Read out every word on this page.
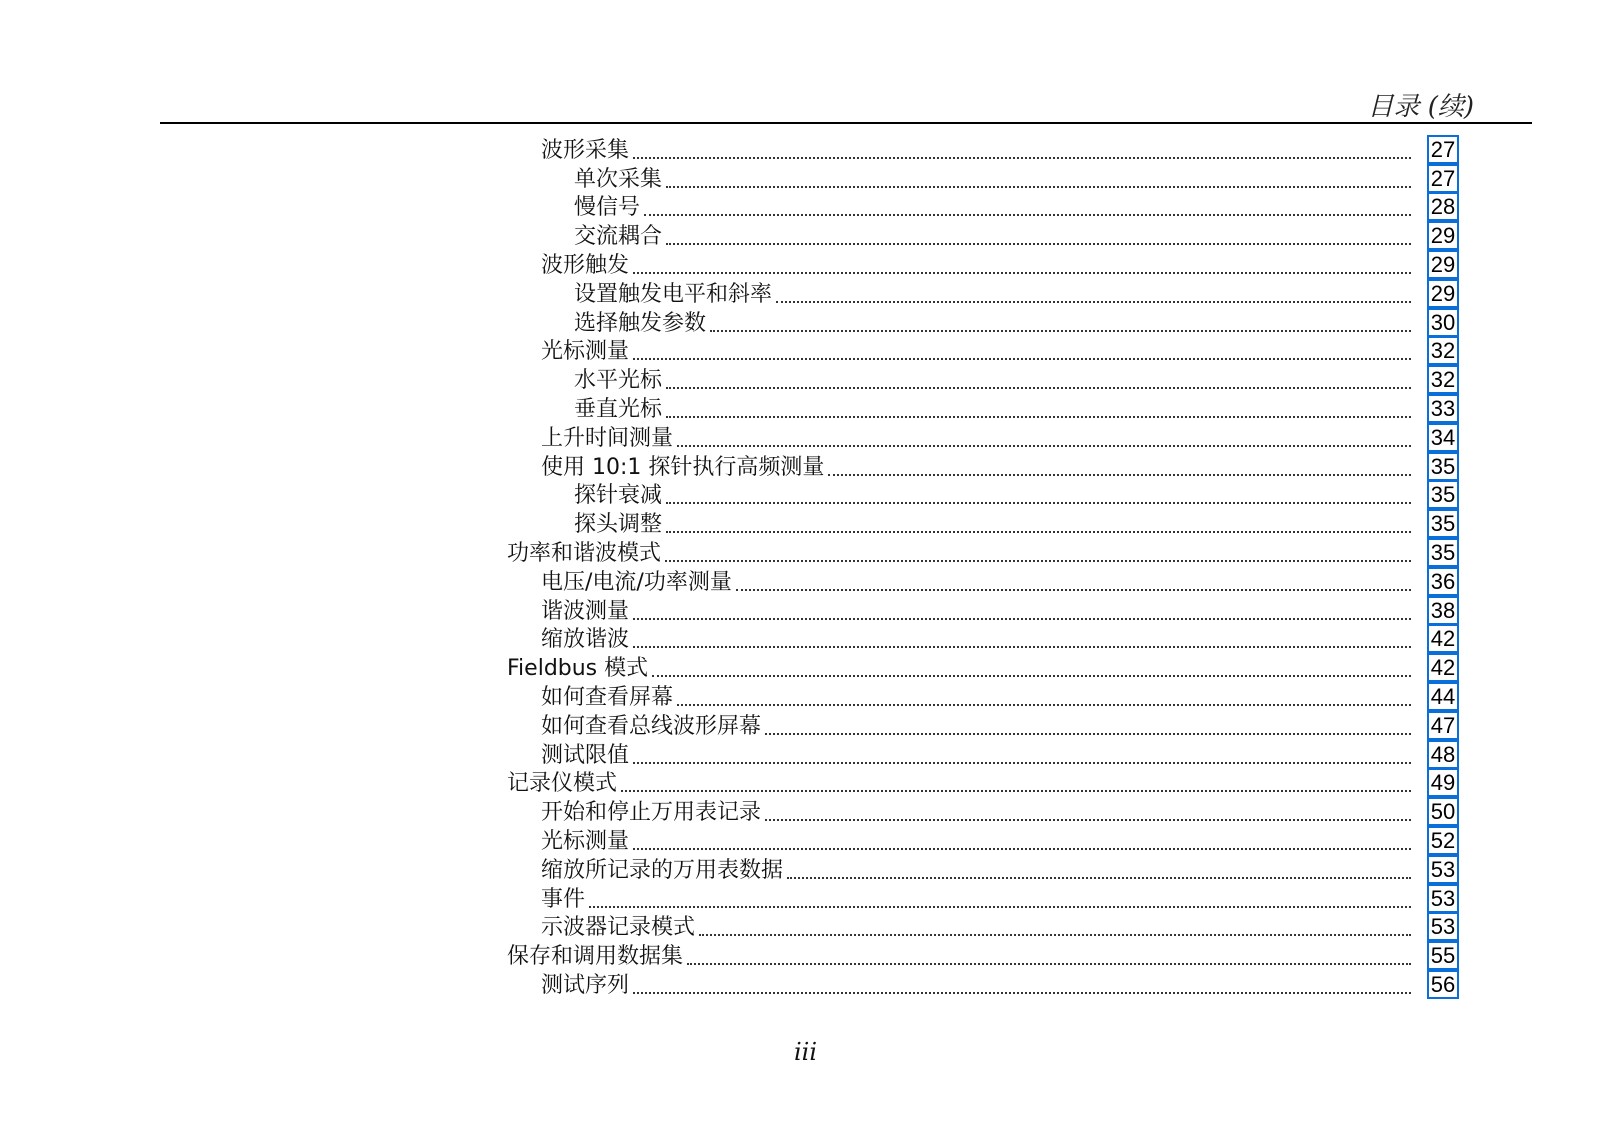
目录 (续)
波形采集	27
单次采集	27
慢信号	28
交流耦合	29
波形触发	29
设置触发电平和斜率	29
选择触发参数	30
光标测量	32
水平光标	32
垂直光标	33
上升时间测量	34
使用 10:1 探针执行高频测量	35
探针衰减	35
探头调整	35
功率和谐波模式	35
电压/电流/功率测量	36
谐波测量	38
缩放谐波	42
Fieldbus 模式	42
如何查看屏幕	44
如何查看总线波形屏幕	47
测试限值	48
记录仪模式	49
开始和停止万用表记录	50
光标测量	52
缩放所记录的万用表数据	53
事件	53
示波器记录模式	53
保存和调用数据集	55
测试序列	56
iii
